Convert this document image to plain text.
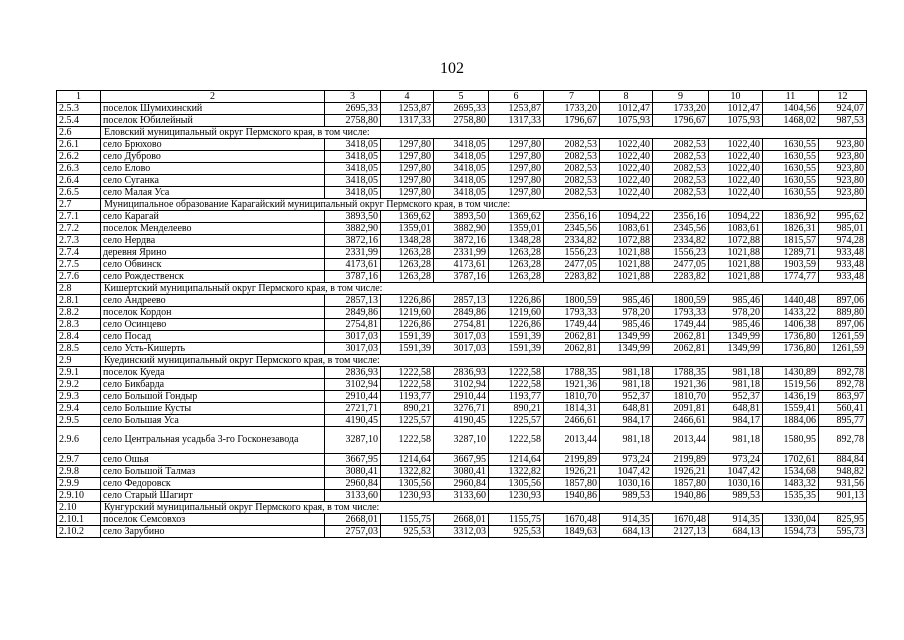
102
1	2	3	4	5	6	7	8	9	10	11	12
2.5.3	поселок Шумихинский	2695,33	1253,87	2695,33	1253,87	1733,20	1012,47	1733,20	1012,47	1404,56	924,07
2.5.4	поселок Юбилейный	2758,80	1317,33	2758,80	1317,33	1796,67	1075,93	1796,67	1075,93	1468,02	987,53
2.6	Еловский муниципальный округ Пермского края, в том числе:										
2.6.1	село Брюхово	3418,05	1297,80	3418,05	1297,80	2082,53	1022,40	2082,53	1022,40	1630,55	923,80
2.6.2	село Дуброво	3418,05	1297,80	3418,05	1297,80	2082,53	1022,40	2082,53	1022,40	1630,55	923,80
2.6.3	село Елово	3418,05	1297,80	3418,05	1297,80	2082,53	1022,40	2082,53	1022,40	1630,55	923,80
2.6.4	село Суганка	3418,05	1297,80	3418,05	1297,80	2082,53	1022,40	2082,53	1022,40	1630,55	923,80
2.6.5	село Малая Уса	3418,05	1297,80	3418,05	1297,80	2082,53	1022,40	2082,53	1022,40	1630,55	923,80
2.7	Муниципальное образование Карагайский муниципальный округ Пермского края, в том числе:										
2.7.1	село Карагай	3893,50	1369,62	3893,50	1369,62	2356,16	1094,22	2356,16	1094,22	1836,92	995,62
2.7.2	поселок Менделеево	3882,90	1359,01	3882,90	1359,01	2345,56	1083,61	2345,56	1083,61	1826,31	985,01
2.7.3	село Нердва	3872,16	1348,28	3872,16	1348,28	2334,82	1072,88	2334,82	1072,88	1815,57	974,28
2.7.4	деревня Ярино	2331,99	1263,28	2331,99	1263,28	1556,23	1021,88	1556,23	1021,88	1289,71	933,48
2.7.5	село Обвинск	4173,61	1263,28	4173,61	1263,28	2477,05	1021,88	2477,05	1021,88	1903,59	933,48
2.7.6	село Рождественск	3787,16	1263,28	3787,16	1263,28	2283,82	1021,88	2283,82	1021,88	1774,77	933,48
2.8	Кишертский муниципальный округ Пермского края, в том числе:										
2.8.1	село Андреево	2857,13	1226,86	2857,13	1226,86	1800,59	985,46	1800,59	985,46	1440,48	897,06
2.8.2	поселок Кордон	2849,86	1219,60	2849,86	1219,60	1793,33	978,20	1793,33	978,20	1433,22	889,80
2.8.3	село Осинцево	2754,81	1226,86	2754,81	1226,86	1749,44	985,46	1749,44	985,46	1406,38	897,06
2.8.4	село Посад	3017,03	1591,39	3017,03	1591,39	2062,81	1349,99	2062,81	1349,99	1736,80	1261,59
2.8.5	село Усть-Кишерть	3017,03	1591,39	3017,03	1591,39	2062,81	1349,99	2062,81	1349,99	1736,80	1261,59
2.9	Куединский муниципальный округ Пермского края, в том числе:										
2.9.1	поселок Куеда	2836,93	1222,58	2836,93	1222,58	1788,35	981,18	1788,35	981,18	1430,89	892,78
2.9.2	село Бикбарда	3102,94	1222,58	3102,94	1222,58	1921,36	981,18	1921,36	981,18	1519,56	892,78
2.9.3	село Большой Гондыр	2910,44	1193,77	2910,44	1193,77	1810,70	952,37	1810,70	952,37	1436,19	863,97
2.9.4	село Большие Кусты	2721,71	890,21	3276,71	890,21	1814,31	648,81	2091,81	648,81	1559,41	560,41
2.9.5	село Большая Уса	4190,45	1225,57	4190,45	1225,57	2466,61	984,17	2466,61	984,17	1884,06	895,77
2.9.6	село Центральная усадьба 3-го Госконезавода	3287,10	1222,58	3287,10	1222,58	2013,44	981,18	2013,44	981,18	1580,95	892,78
2.9.7	село Ошья	3667,95	1214,64	3667,95	1214,64	2199,89	973,24	2199,89	973,24	1702,61	884,84
2.9.8	село Большой Талмаз	3080,41	1322,82	3080,41	1322,82	1926,21	1047,42	1926,21	1047,42	1534,68	948,82
2.9.9	село Федоровск	2960,84	1305,56	2960,84	1305,56	1857,80	1030,16	1857,80	1030,16	1483,32	931,56
2.9.10	село Старый Шагирт	3133,60	1230,93	3133,60	1230,93	1940,86	989,53	1940,86	989,53	1535,35	901,13
2.10	Кунгурский муниципальный округ Пермского края, в том числе:										
2.10.1	поселок Семсовхоз	2668,01	1155,75	2668,01	1155,75	1670,48	914,35	1670,48	914,35	1330,04	825,95
2.10.2	село Зарубино	2757,03	925,53	3312,03	925,53	1849,63	684,13	2127,13	684,13	1594,73	595,73
